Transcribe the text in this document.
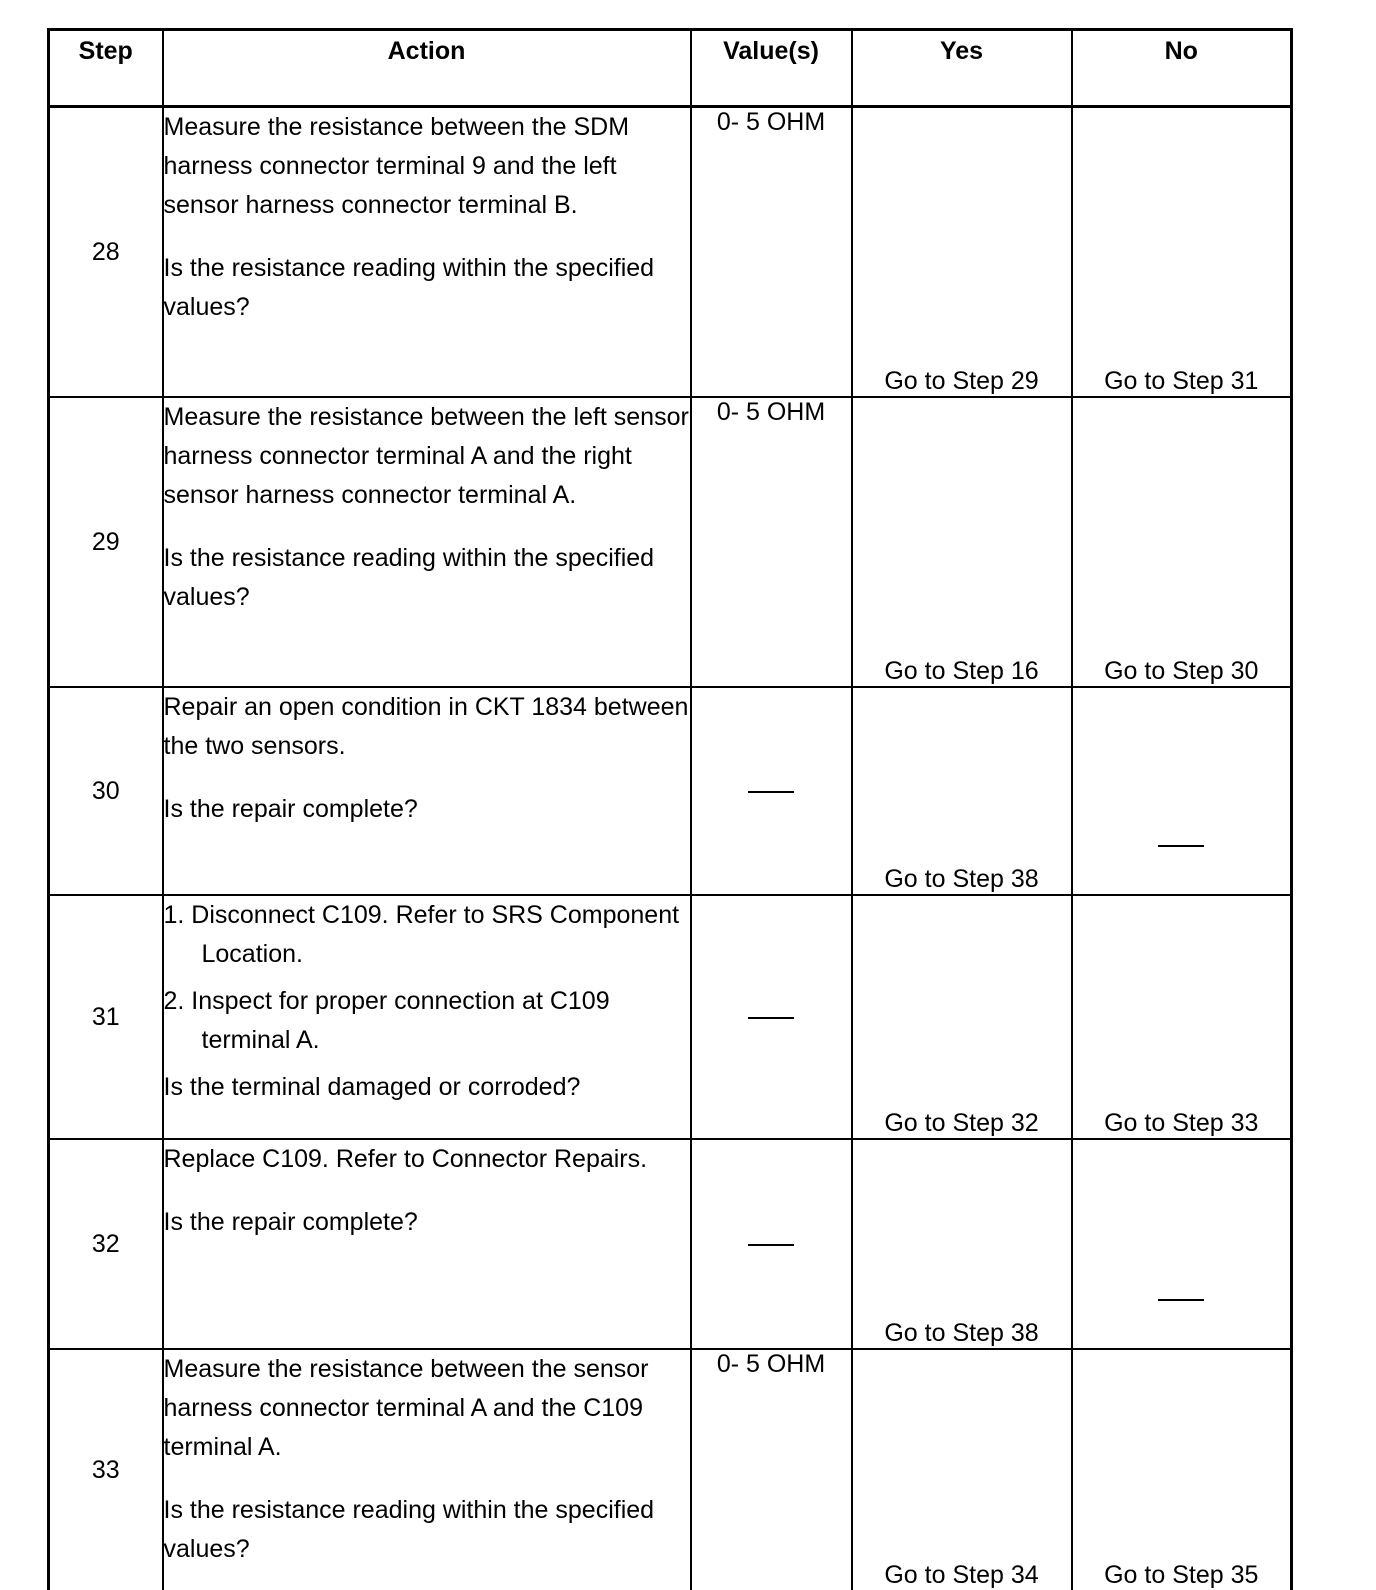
Step	Action	Value(s)	Yes	No
28	Measure the resistance between the SDM harness connector terminal 9 and the left sensor harness connector terminal B.
Is the resistance reading within the specified values?	0- 5 OHM	Go to Step 29	Go to Step 31
29	Measure the resistance between the left sensor harness connector terminal A and the right sensor harness connector terminal A.
Is the resistance reading within the specified values?	0- 5 OHM	Go to Step 16	Go to Step 30
30	Repair an open condition in CKT 1834 between the two sensors.
Is the repair complete?		Go to Step 38	
31	1. Disconnect C109. Refer to SRS Component Location.
2. Inspect for proper connection at C109 terminal A.
Is the terminal damaged or corroded?		Go to Step 32	Go to Step 33
32	Replace C109. Refer to Connector Repairs.
Is the repair complete?		Go to Step 38	
33	Measure the resistance between the sensor harness connector terminal A and the C109 terminal A.
Is the resistance reading within the specified values?	0- 5 OHM	Go to Step 34	Go to Step 35
